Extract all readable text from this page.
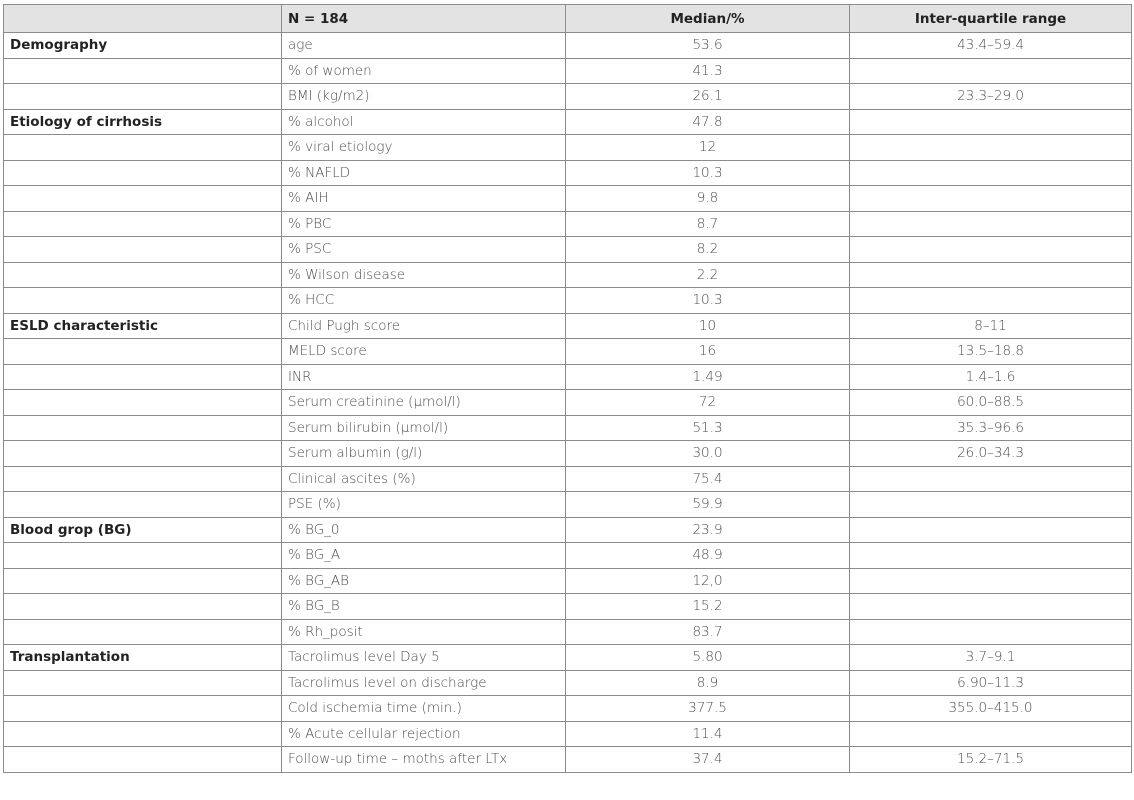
	N = 184	Median/%	Inter-quartile range
Demography	age	53.6	43.4–59.4
	% of women	41.3	
	BMI (kg/m2)	26.1	23.3–29.0
Etiology of cirrhosis	% alcohol	47.8	
	% viral etiology	12	
	% NAFLD	10.3	
	% AIH	9.8	
	% PBC	8.7	
	% PSC	8.2	
	% Wilson disease	2.2	
	% HCC	10.3	
ESLD characteristic	Child Pugh score	10	8–11
	MELD score	16	13.5–18.8
	INR	1.49	1.4–1.6
	Serum creatinine (µmol/l)	72	60.0–88.5
	Serum bilirubin (µmol/l)	51.3	35.3–96.6
	Serum albumin (g/l)	30.0	26.0–34.3
	Clinical ascites (%)	75.4	
	PSE (%)	59.9	
Blood grop (BG)	% BG_0	23.9	
	% BG_A	48.9	
	% BG_AB	12,0	
	% BG_B	15.2	
	% Rh_posit	83.7	
Transplantation	Tacrolimus level Day 5	5.80	3.7–9.1
	Tacrolimus level on discharge	8.9	6.90–11.3
	Cold ischemia time (min.)	377.5	355.0–415.0
	% Acute cellular rejection	11.4	
	Follow-up time – moths after LTx	37.4	15.2–71.5
